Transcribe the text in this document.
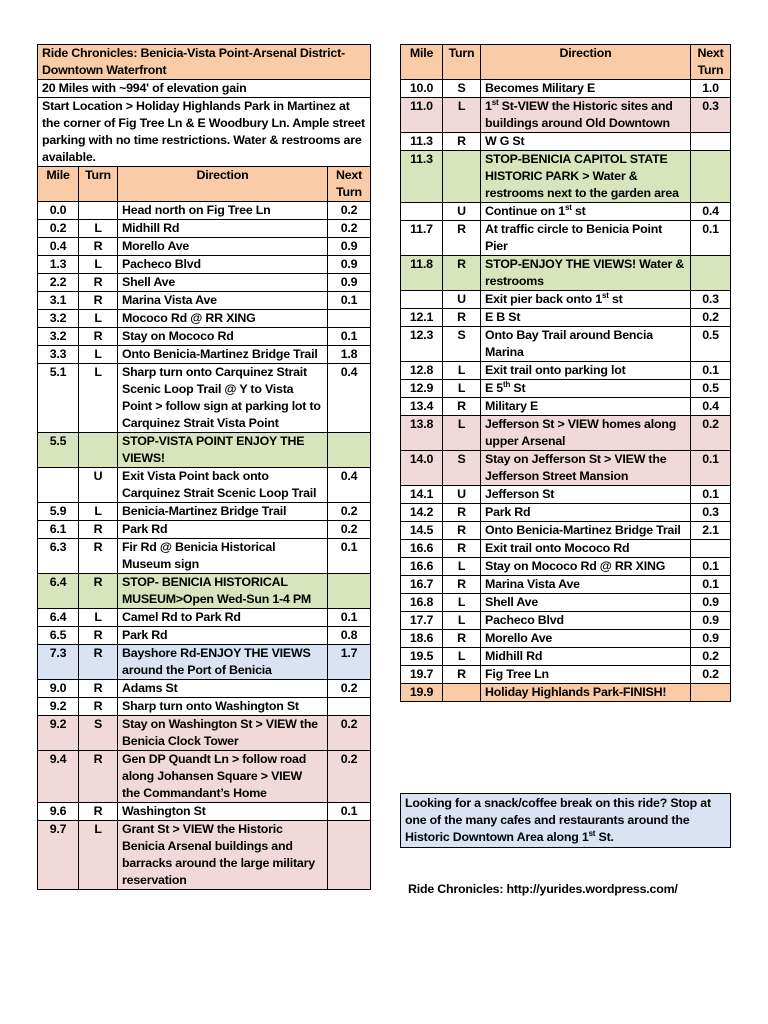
Ride Chronicles: Benicia-Vista Point-Arsenal District-Downtown Waterfront			
20 Miles with ~994' of elevation gain			
Start Location > Holiday Highlands Park in Martinez at the corner of Fig Tree Ln & E Woodbury Ln. Ample street parking with no time restrictions. Water & restrooms are available.			
Mile	Turn	Direction	Next Turn
0.0		Head north on Fig Tree Ln	0.2
0.2	L	Midhill Rd	0.2
0.4	R	Morello Ave	0.9
1.3	L	Pacheco Blvd	0.9
2.2	R	Shell Ave	0.9
3.1	R	Marina Vista Ave	0.1
3.2	L	Mococo Rd @ RR XING	
3.2	R	Stay on Mococo Rd	0.1
3.3	L	Onto Benicia-Martinez Bridge Trail	1.8
5.1	L	Sharp turn onto Carquinez Strait Scenic Loop Trail @ Y to Vista Point > follow sign at parking lot to Carquinez Strait Vista Point	0.4
5.5		STOP-VISTA POINT ENJOY THE VIEWS!	
	U	Exit Vista Point back onto Carquinez Strait Scenic Loop Trail	0.4
5.9	L	Benicia-Martinez Bridge Trail	0.2
6.1	R	Park Rd	0.2
6.3	R	Fir Rd @ Benicia Historical Museum sign	0.1
6.4	R	STOP- BENICIA HISTORICAL MUSEUM>Open Wed-Sun 1-4 PM	
6.4	L	Camel Rd to Park Rd	0.1
6.5	R	Park Rd	0.8
7.3	R	Bayshore Rd-ENJOY THE VIEWS around the Port of Benicia	1.7
9.0	R	Adams St	0.2
9.2	R	Sharp turn onto Washington St	
9.2	S	Stay on Washington St > VIEW the Benicia Clock Tower	0.2
9.4	R	Gen DP Quandt Ln > follow road along Johansen Square > VIEW the Commandant’s Home	0.2
9.6	R	Washington St	0.1
9.7	L	Grant St > VIEW the Historic Benicia Arsenal buildings and barracks around the large military reservation	
Mile	Turn	Direction	Next Turn
10.0	S	Becomes Military E	1.0
11.0	L	1st St-VIEW the Historic sites and buildings around Old Downtown	0.3
11.3	R	W G St	
11.3		STOP-BENICIA CAPITOL STATE HISTORIC PARK > Water & restrooms next to the garden area	
	U	Continue on 1st st	0.4
11.7	R	At traffic circle to Benicia Point Pier	0.1
11.8	R	STOP-ENJOY THE VIEWS! Water & restrooms	
	U	Exit pier back onto 1st st	0.3
12.1	R	E B St	0.2
12.3	S	Onto Bay Trail around Bencia Marina	0.5
12.8	L	Exit trail onto parking lot	0.1
12.9	L	E 5th St	0.5
13.4	R	Military E	0.4
13.8	L	Jefferson St > VIEW homes along upper Arsenal	0.2
14.0	S	Stay on Jefferson St > VIEW the Jefferson Street Mansion	0.1
14.1	U	Jefferson St	0.1
14.2	R	Park Rd	0.3
14.5	R	Onto Benicia-Martinez Bridge Trail	2.1
16.6	R	Exit trail onto Mococo Rd	
16.6	L	Stay on Mococo Rd @ RR XING	0.1
16.7	R	Marina Vista Ave	0.1
16.8	L	Shell Ave	0.9
17.7	L	Pacheco Blvd	0.9
18.6	R	Morello Ave	0.9
19.5	L	Midhill Rd	0.2
19.7	R	Fig Tree Ln	0.2
19.9		Holiday Highlands Park-FINISH!	
Looking for a snack/coffee break on this ride? Stop at one of the many cafes and restaurants around the Historic Downtown Area along 1st St.
Ride Chronicles: http://yurides.wordpress.com/
